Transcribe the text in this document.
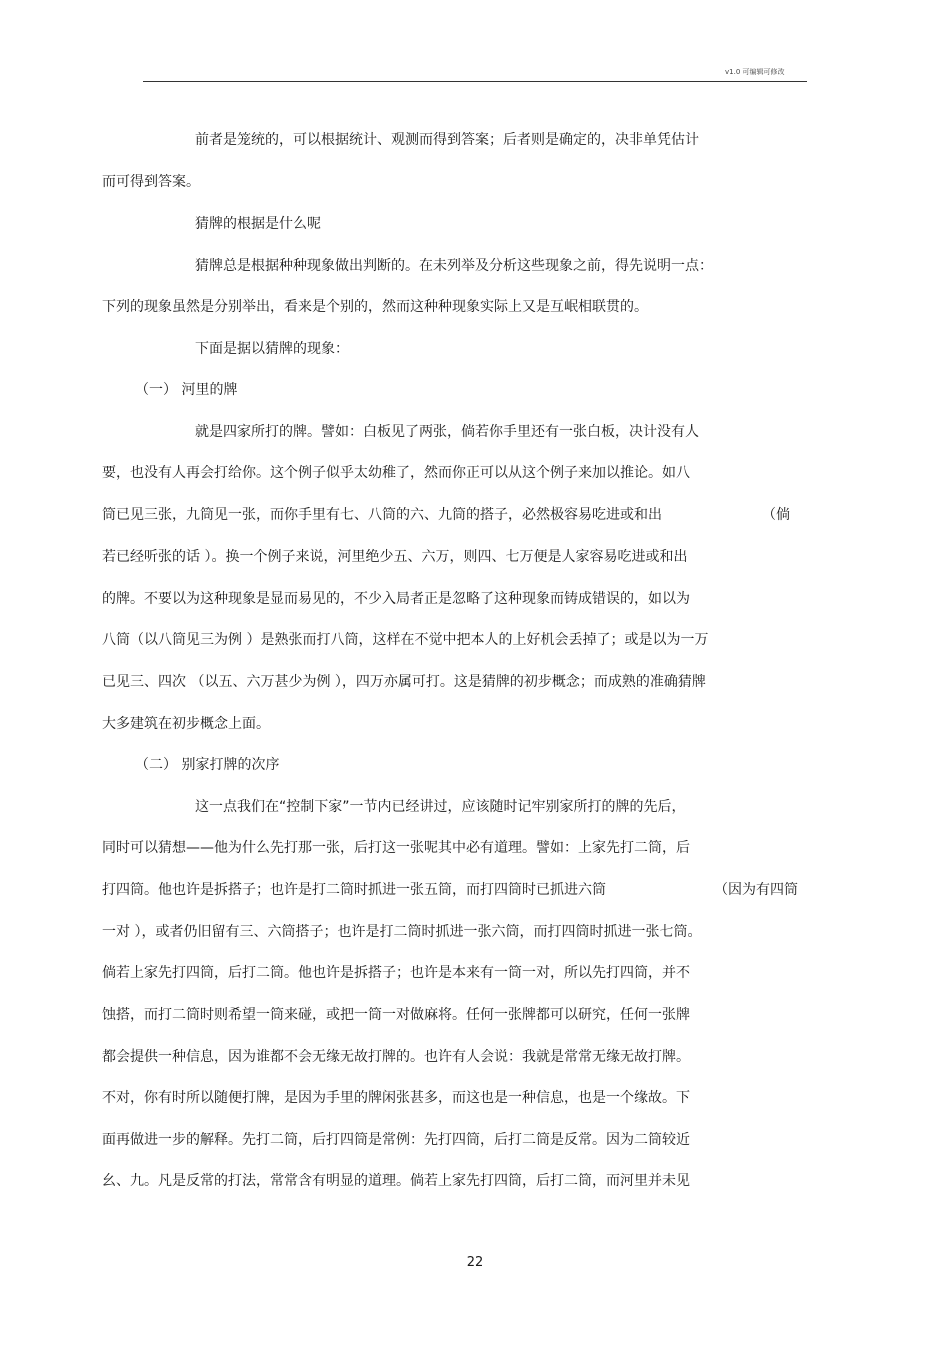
v1.0 可编辑可修改
前者是笼统的，可以根据统计、观测而得到答案；后者则是确定的，决非单凭估计
而可得到答案。
猜牌的根据是什么呢
猜牌总是根据种种现象做出判断的。在未列举及分析这些现象之前，得先说明一点：
下列的现象虽然是分别举出，看来是个别的，然而这种种现象实际上又是互岷相联贯的。
下面是据以猜牌的现象：
（一） 河里的牌
就是四家所打的牌。譬如：白板见了两张，倘若你手里还有一张白板，决计没有人
要，也没有人再会打给你。这个例子似乎太幼稚了，然而你正可以从这个例子来加以推论。如八
筒已见三张，九筒见一张，而你手里有七、八筒的六、九筒的搭子，必然极容易吃进或和出	（倘
若已经听张的话 ）。换一个例子来说，河里绝少五、六万，则四、七万便是人家容易吃进或和出
的牌。不要以为这种现象是显而易见的，不少入局者正是忽略了这种现象而铸成错误的，如以为
八筒（以八筒见三为例 ）是熟张而打八筒，这样在不觉中把本人的上好机会丢掉了；或是以为一万
已见三、四次 （以五、六万甚少为例 ），四万亦属可打。这是猜牌的初步概念；而成熟的准确猜牌
大多建筑在初步概念上面。
（二） 别家打牌的次序
这一点我们在“控制下家”一节内已经讲过，应该随时记牢别家所打的牌的先后，
同时可以猜想——他为什么先打那一张，后打这一张呢其中必有道理。譬如：上家先打二筒，后
打四筒。他也许是拆搭子；也许是打二筒时抓进一张五筒，而打四筒时已抓进六筒	（因为有四筒
一对 ），或者仍旧留有三、六筒搭子；也许是打二筒时抓进一张六筒，而打四筒时抓进一张七筒。
倘若上家先打四筒，后打二筒。他也许是拆搭子；也许是本来有一筒一对，所以先打四筒，并不
蚀搭，而打二筒时则希望一筒来碰，或把一筒一对做麻将。任何一张牌都可以研究，任何一张牌
都会提供一种信息，因为谁都不会无缘无故打牌的。也许有人会说：我就是常常无缘无故打牌。
不对，你有时所以随便打牌，是因为手里的牌闲张甚多，而这也是一种信息，也是一个缘故。下
面再做进一步的解释。先打二筒，后打四筒是常例：先打四筒，后打二筒是反常。因为二筒较近
幺、九。凡是反常的打法，常常含有明显的道理。倘若上家先打四筒，后打二筒，而河里并未见
22
